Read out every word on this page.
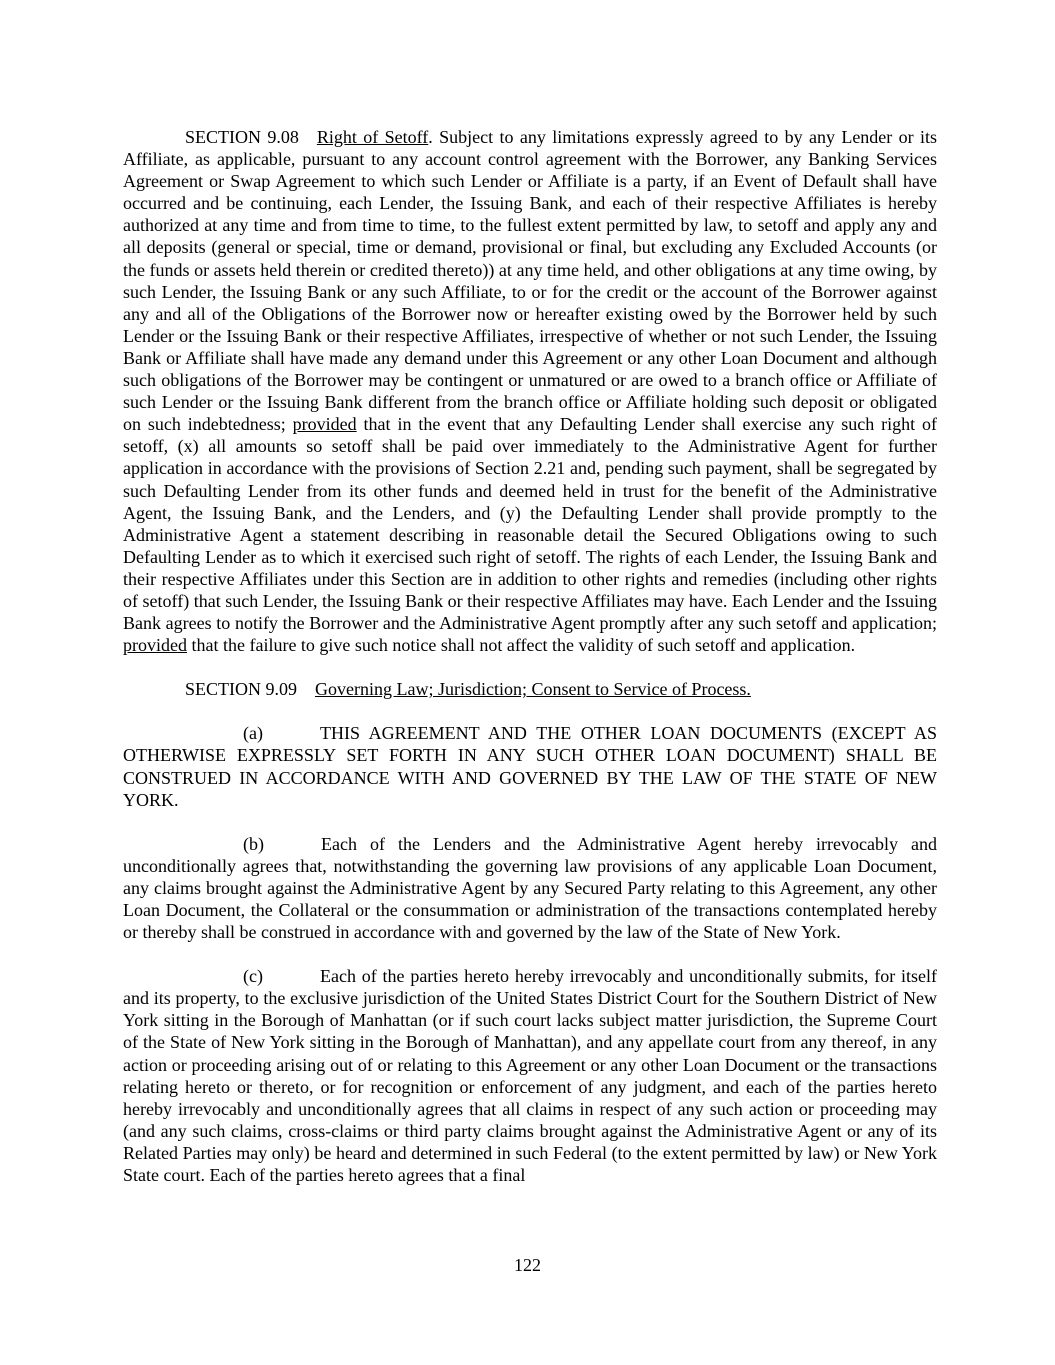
SECTION 9.08 Right of Setoff. Subject to any limitations expressly agreed to by any Lender or its Affiliate, as applicable, pursuant to any account control agreement with the Borrower, any Banking Services Agreement or Swap Agreement to which such Lender or Affiliate is a party, if an Event of Default shall have occurred and be continuing, each Lender, the Issuing Bank, and each of their respective Affiliates is hereby authorized at any time and from time to time, to the fullest extent permitted by law, to setoff and apply any and all deposits (general or special, time or demand, provisional or final, but excluding any Excluded Accounts (or the funds or assets held therein or credited thereto)) at any time held, and other obligations at any time owing, by such Lender, the Issuing Bank or any such Affiliate, to or for the credit or the account of the Borrower against any and all of the Obligations of the Borrower now or hereafter existing owed by the Borrower held by such Lender or the Issuing Bank or their respective Affiliates, irrespective of whether or not such Lender, the Issuing Bank or Affiliate shall have made any demand under this Agreement or any other Loan Document and although such obligations of the Borrower may be contingent or unmatured or are owed to a branch office or Affiliate of such Lender or the Issuing Bank different from the branch office or Affiliate holding such deposit or obligated on such indebtedness; provided that in the event that any Defaulting Lender shall exercise any such right of setoff, (x) all amounts so setoff shall be paid over immediately to the Administrative Agent for further application in accordance with the provisions of Section 2.21 and, pending such payment, shall be segregated by such Defaulting Lender from its other funds and deemed held in trust for the benefit of the Administrative Agent, the Issuing Bank, and the Lenders, and (y) the Defaulting Lender shall provide promptly to the Administrative Agent a statement describing in reasonable detail the Secured Obligations owing to such Defaulting Lender as to which it exercised such right of setoff. The rights of each Lender, the Issuing Bank and their respective Affiliates under this Section are in addition to other rights and remedies (including other rights of setoff) that such Lender, the Issuing Bank or their respective Affiliates may have. Each Lender and the Issuing Bank agrees to notify the Borrower and the Administrative Agent promptly after any such setoff and application; provided that the failure to give such notice shall not affect the validity of such setoff and application.

SECTION 9.09 Governing Law; Jurisdiction; Consent to Service of Process.

(a)	THIS AGREEMENT AND THE OTHER LOAN DOCUMENTS (EXCEPT AS OTHERWISE EXPRESSLY SET FORTH IN ANY SUCH OTHER LOAN DOCUMENT) SHALL BE CONSTRUED IN ACCORDANCE WITH AND GOVERNED BY THE LAW OF THE STATE OF NEW YORK.

(b)	Each of the Lenders and the Administrative Agent hereby irrevocably and unconditionally agrees that, notwithstanding the governing law provisions of any applicable Loan Document, any claims brought against the Administrative Agent by any Secured Party relating to this Agreement, any other Loan Document, the Collateral or the consummation or administration of the transactions contemplated hereby or thereby shall be construed in accordance with and governed by the law of the State of New York.

(c)	Each of the parties hereto hereby irrevocably and unconditionally submits, for itself and its property, to the exclusive jurisdiction of the United States District Court for the Southern District of New York sitting in the Borough of Manhattan (or if such court lacks subject matter jurisdiction, the Supreme Court of the State of New York sitting in the Borough of Manhattan), and any appellate court from any thereof, in any action or proceeding arising out of or relating to this Agreement or any other Loan Document or the transactions relating hereto or thereto, or for recognition or enforcement of any judgment, and each of the parties hereto hereby irrevocably and unconditionally agrees that all claims in respect of any such action or proceeding may (and any such claims, cross-claims or third party claims brought against the Administrative Agent or any of its Related Parties may only) be heard and determined in such Federal (to the extent permitted by law) or New York State court. Each of the parties hereto agrees that a final

122
